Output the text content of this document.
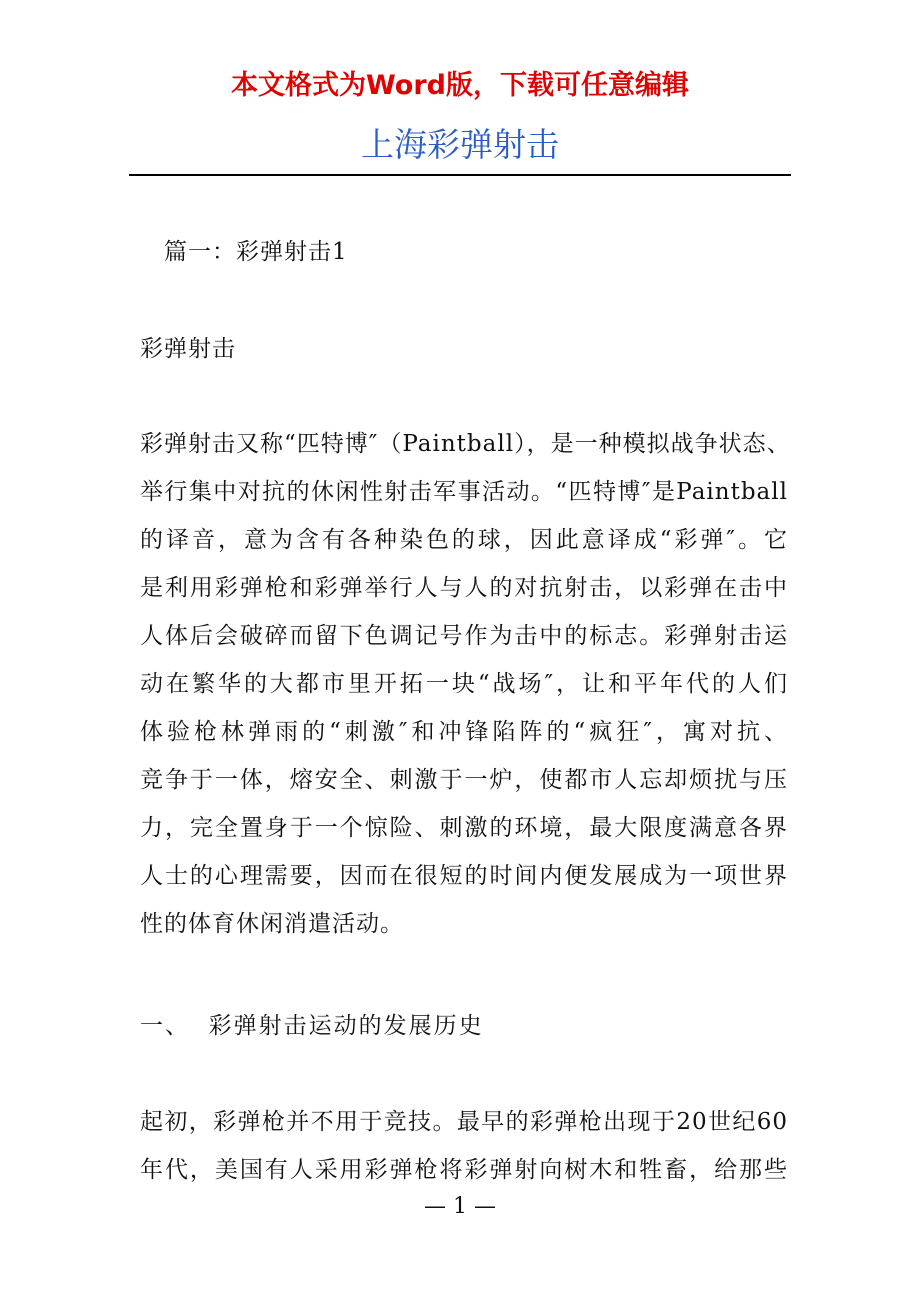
本文格式为Word版，下载可任意编辑
上海彩弹射击
篇一：彩弹射击1
彩弹射击
彩弹射击又称“匹特博″（Paintball），是一种模拟战争状态、
举行集中对抗的休闲性射击军事活动。“匹特博″是Paintball
的译音，意为含有各种染色的球，因此意译成“彩弹″。它
是利用彩弹枪和彩弹举行人与人的对抗射击，以彩弹在击中
人体后会破碎而留下色调记号作为击中的标志。彩弹射击运
动在繁华的大都市里开拓一块“战场″，让和平年代的人们
体验枪林弹雨的“刺激″和冲锋陷阵的“疯狂″，寓对抗、
竞争于一体，熔安全、刺激于一炉，使都市人忘却烦扰与压
力，完全置身于一个惊险、刺激的环境，最大限度满意各界
人士的心理需要，因而在很短的时间内便发展成为一项世界
性的体育休闲消遣活动。
一、  彩弹射击运动的发展历史
起初，彩弹枪并不用于竞技。最早的彩弹枪出现于20世纪60
年代，美国有人采用彩弹枪将彩弹射向树木和牲畜，给那些
— 1 —
